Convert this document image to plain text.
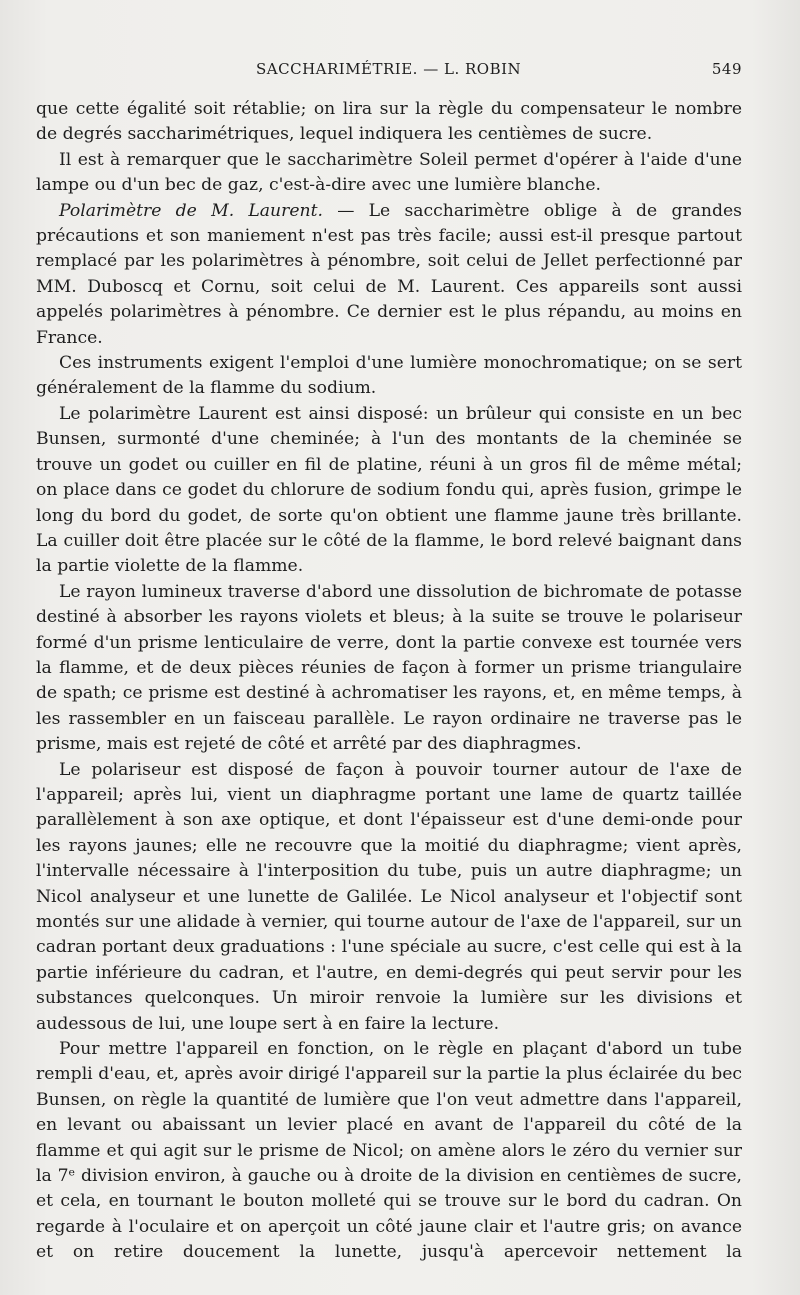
SACCHARIMÉTRIE. — L. ROBIN	549

que cette égalité soit rétablie; on lira sur la règle du compensateur le nombre de degrés saccharimétriques, lequel indiquera les centièmes de sucre.

Il est à remarquer que le saccharimètre Soleil permet d'opérer à l'aide d'une lampe ou d'un bec de gaz, c'est-à-dire avec une lumière blanche.

Polarimètre de M. Laurent. — Le saccharimètre oblige à de grandes précautions et son maniement n'est pas très facile; aussi est-il presque partout remplacé par les polarimètres à pénombre, soit celui de Jellet perfectionné par MM. Duboscq et Cornu, soit celui de M. Laurent. Ces appareils sont aussi appelés polarimètres à pénombre. Ce dernier est le plus répandu, au moins en France.

Ces instruments exigent l'emploi d'une lumière monochromatique; on se sert généralement de la flamme du sodium.

Le polarimètre Laurent est ainsi disposé: un brûleur qui consiste en un bec Bunsen, surmonté d'une cheminée; à l'un des montants de la cheminée se trouve un godet ou cuiller en fil de platine, réuni à un gros fil de même métal; on place dans ce godet du chlorure de sodium fondu qui, après fusion, grimpe le long du bord du godet, de sorte qu'on obtient une flamme jaune très brillante. La cuiller doit être placée sur le côté de la flamme, le bord relevé baignant dans la partie violette de la flamme.

Le rayon lumineux traverse d'abord une dissolution de bichromate de potasse destiné à absorber les rayons violets et bleus; à la suite se trouve le polariseur formé d'un prisme lenticulaire de verre, dont la partie convexe est tournée vers la flamme, et de deux pièces réunies de façon à former un prisme triangulaire de spath; ce prisme est destiné à achromatiser les rayons, et, en même temps, à les rassembler en un faisceau parallèle. Le rayon ordinaire ne traverse pas le prisme, mais est rejeté de côté et arrêté par des diaphragmes.

Le polariseur est disposé de façon à pouvoir tourner autour de l'axe de l'appareil; après lui, vient un diaphragme portant une lame de quartz taillée parallèlement à son axe optique, et dont l'épaisseur est d'une demi-onde pour les rayons jaunes; elle ne recouvre que la moitié du diaphragme; vient après, l'intervalle nécessaire à l'interposition du tube, puis un autre diaphragme; un Nicol analyseur et une lunette de Galilée. Le Nicol analyseur et l'objectif sont montés sur une alidade à vernier, qui tourne autour de l'axe de l'appareil, sur un cadran portant deux graduations : l'une spéciale au sucre, c'est celle qui est à la partie inférieure du cadran, et l'autre, en demi-degrés qui peut servir pour les substances quelconques. Un miroir renvoie la lumière sur les divisions et audessous de lui, une loupe sert à en faire la lecture.

Pour mettre l'appareil en fonction, on le règle en plaçant d'abord un tube rempli d'eau, et, après avoir dirigé l'appareil sur la partie la plus éclairée du bec Bunsen, on règle la quantité de lumière que l'on veut admettre dans l'appareil, en levant ou abaissant un levier placé en avant de l'appareil du côté de la flamme et qui agit sur le prisme de Nicol; on amène alors le zéro du vernier sur la 7ᵉ division environ, à gauche ou à droite de la division en centièmes de sucre, et cela, en tournant le bouton molleté qui se trouve sur le bord du cadran. On regarde à l'oculaire et on aperçoit un côté jaune clair et l'autre gris; on avance et on retire doucement la lunette, jusqu'à apercevoir nettement la
